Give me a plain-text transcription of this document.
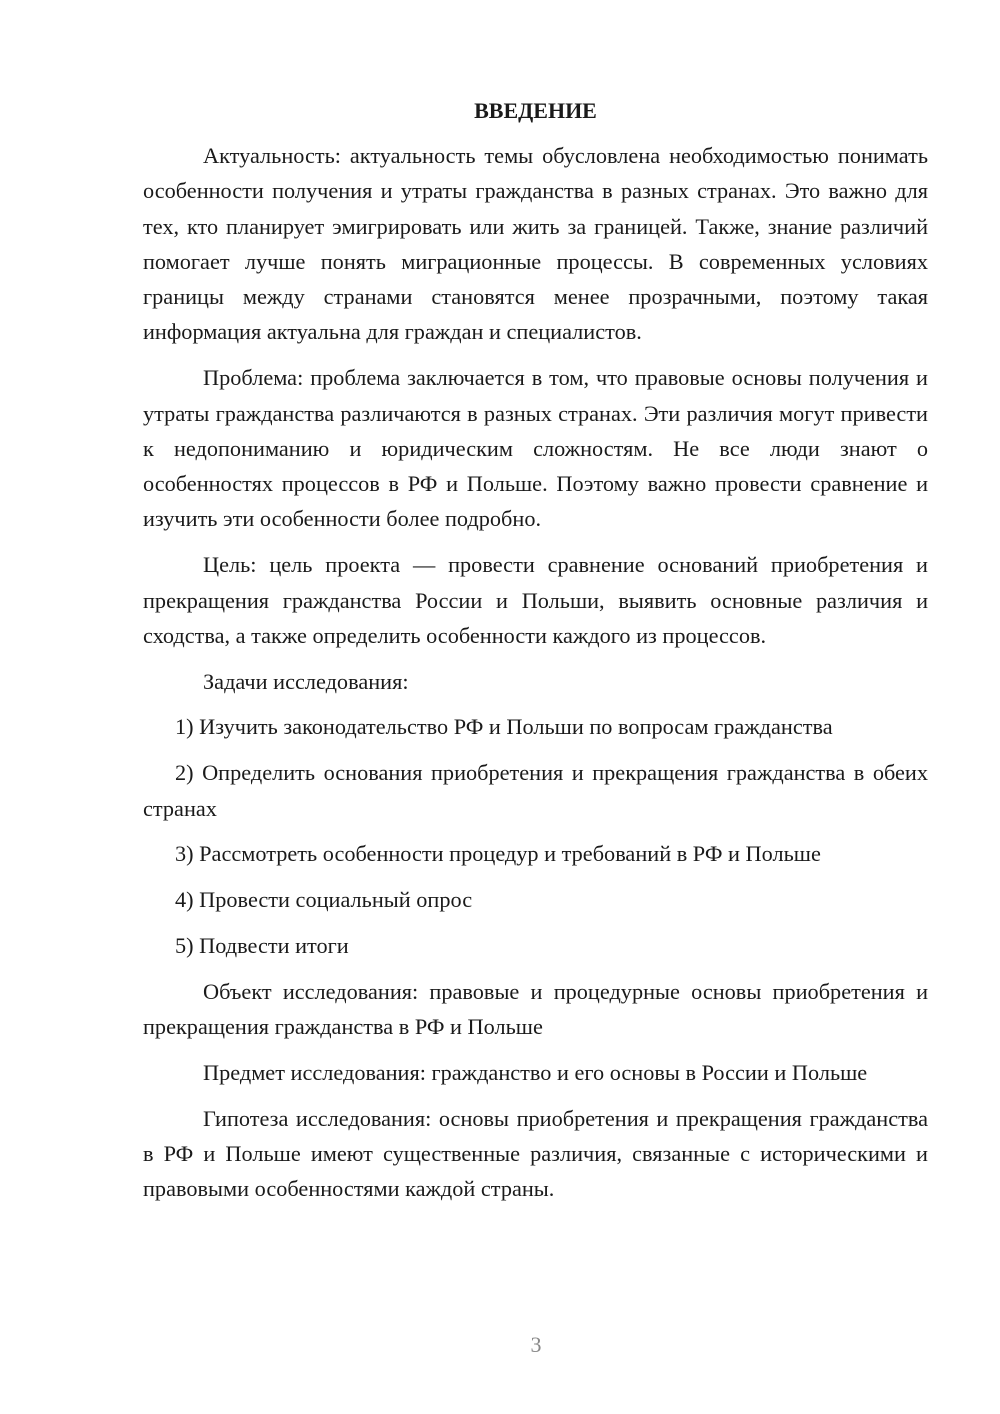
ВВЕДЕНИЕ

Актуальность: актуальность темы обусловлена необходимостью понимать особенности получения и утраты гражданства в разных странах. Это важно для тех, кто планирует эмигрировать или жить за границей. Также, знание различий помогает лучше понять миграционные процессы. В современных условиях границы между странами становятся менее прозрачными, поэтому такая информация актуальна для граждан и специалистов.

Проблема: проблема заключается в том, что правовые основы получения и утраты гражданства различаются в разных странах. Эти различия могут привести к недопониманию и юридическим сложностям. Не все люди знают о особенностях процессов в РФ и Польше. Поэтому важно провести сравнение и изучить эти особенности более подробно.

Цель: цель проекта — провести сравнение оснований приобретения и прекращения гражданства России и Польши, выявить основные различия и сходства, а также определить особенности каждого из процессов.

Задачи исследования:

1) Изучить законодательство РФ и Польши по вопросам гражданства

2) Определить основания приобретения и прекращения гражданства в обеих странах

3) Рассмотреть особенности процедур и требований в РФ и Польше

4) Провести социальный опрос

5) Подвести итоги

Объект исследования: правовые и процедурные основы приобретения и прекращения гражданства в РФ и Польше

Предмет исследования: гражданство и его основы в России и Польше

Гипотеза исследования: основы приобретения и прекращения гражданства в РФ и Польше имеют существенные различия, связанные с историческими и правовыми особенностями каждой страны.

3
